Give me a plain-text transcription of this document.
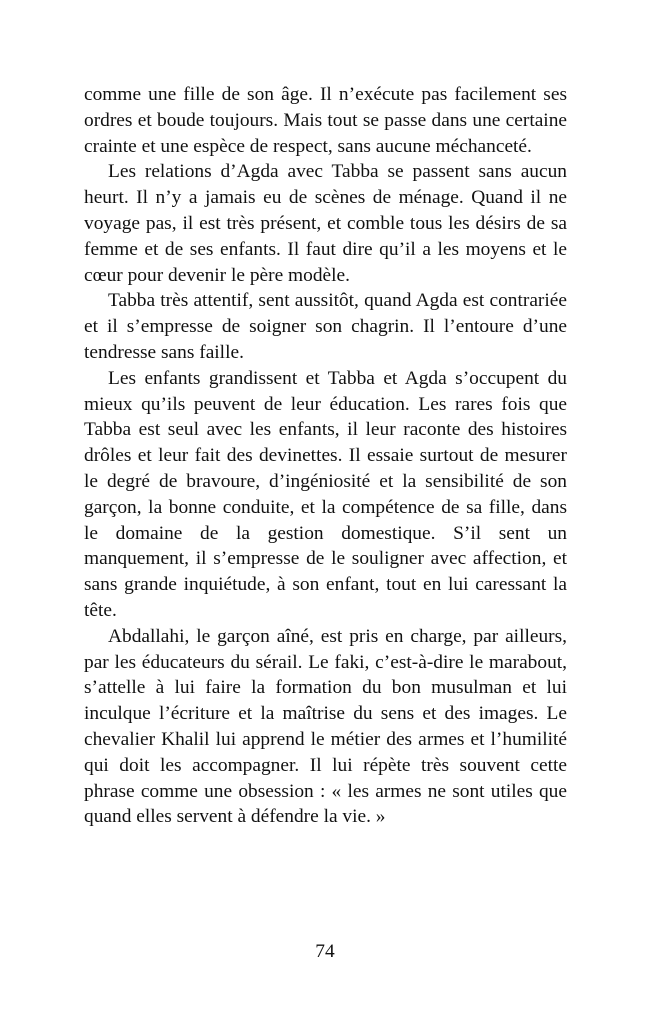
comme une fille de son âge. Il n’exécute pas facilement ses ordres et boude toujours. Mais tout se passe dans une certaine crainte et une espèce de respect, sans aucune méchanceté.

Les relations d’Agda avec Tabba se passent sans aucun heurt. Il n’y a jamais eu de scènes de ménage. Quand il ne voyage pas, il est très présent, et comble tous les désirs de sa femme et de ses enfants. Il faut dire qu’il a les moyens et le cœur pour devenir le père modèle.

Tabba très attentif, sent aussitôt, quand Agda est contrariée et il s’empresse de soigner son chagrin. Il l’entoure d’une tendresse sans faille.

Les enfants grandissent et Tabba et Agda s’occupent du mieux qu’ils peuvent de leur éducation. Les rares fois que Tabba est seul avec les enfants, il leur raconte des histoires drôles et leur fait des devinettes. Il essaie surtout de mesurer le degré de bravoure, d’ingéniosité et la sensibilité de son garçon, la bonne conduite, et la compétence de sa fille, dans le domaine de la gestion domestique. S’il sent un manquement, il s’empresse de le souligner avec affection, et sans grande inquiétude, à son enfant, tout en lui caressant la tête.

Abdallahi, le garçon aîné, est pris en charge, par ailleurs, par les éducateurs du sérail. Le faki, c’est-à-dire le marabout, s’attelle à lui faire la formation du bon musulman et lui inculque l’écriture et la maîtrise du sens et des images. Le chevalier Khalil lui apprend le métier des armes et l’humilité qui doit les accompagner. Il lui répète très souvent cette phrase comme une obsession : « les armes ne sont utiles que quand elles servent à défendre la vie. »

74
